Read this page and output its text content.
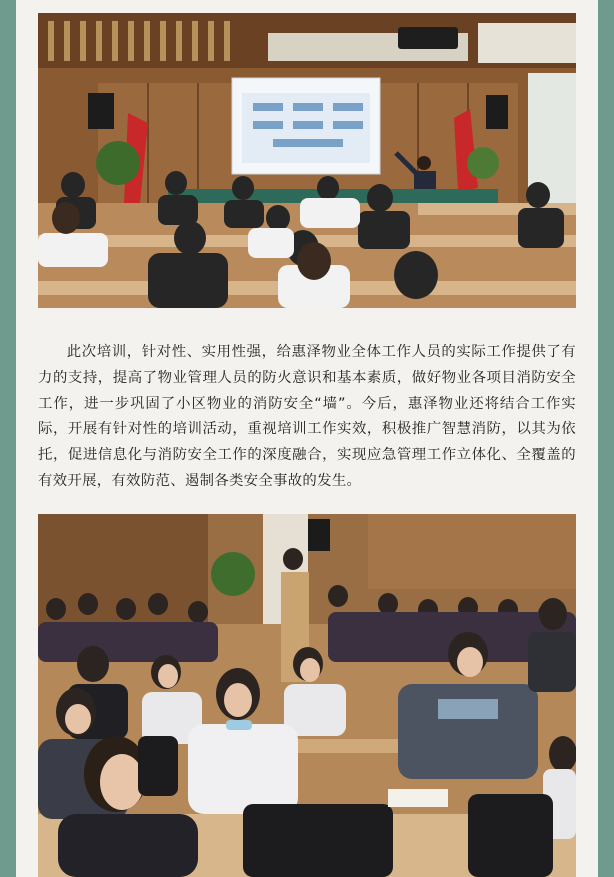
此次培训，针对性、实用性强，给惠泽物业全体工作人员的实际工作提供了有力的支持，提高了物业管理人员的防火意识和基本素质，做好物业各项目消防安全工作，进一步巩固了小区物业的消防安全“墙”。今后，惠泽物业还将结合工作实际，开展有针对性的培训活动，重视培训工作实效，积极推广智慧消防，以其为依托，促进信息化与消防安全工作的深度融合，实现应急管理工作立体化、全覆盖的有效开展，有效防范、遏制各类安全事故的发生。
